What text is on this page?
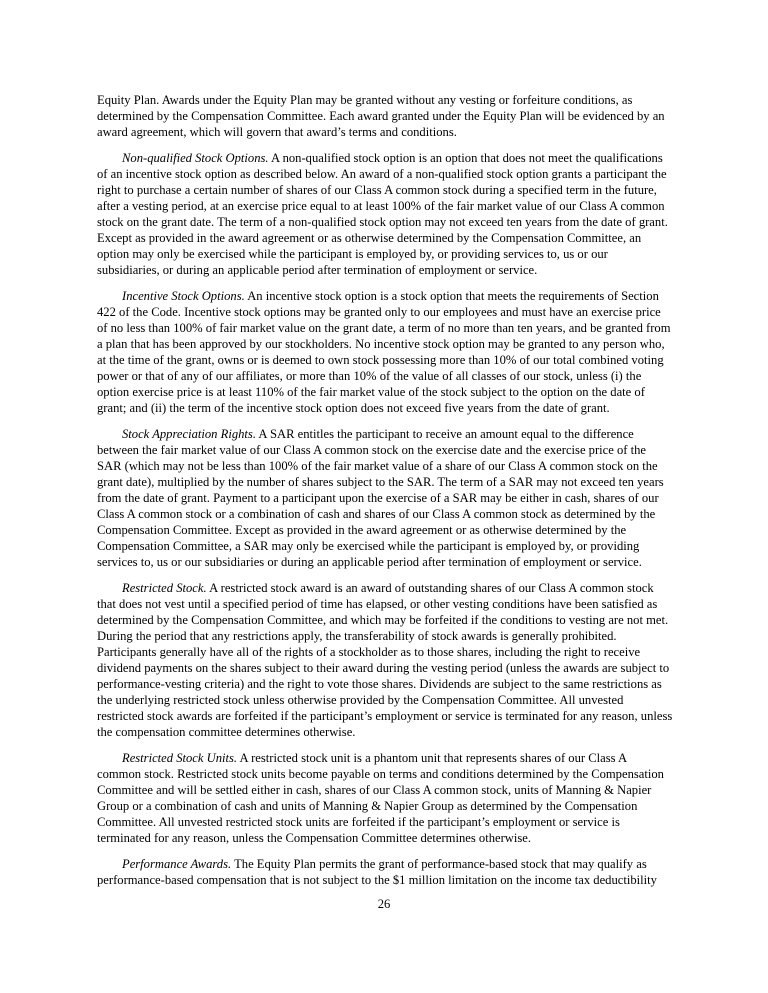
Equity Plan. Awards under the Equity Plan may be granted without any vesting or forfeiture conditions, as determined by the Compensation Committee. Each award granted under the Equity Plan will be evidenced by an award agreement, which will govern that award’s terms and conditions.

Non-qualified Stock Options. A non-qualified stock option is an option that does not meet the qualifications of an incentive stock option as described below. An award of a non-qualified stock option grants a participant the right to purchase a certain number of shares of our Class A common stock during a specified term in the future, after a vesting period, at an exercise price equal to at least 100% of the fair market value of our Class A common stock on the grant date. The term of a non-qualified stock option may not exceed ten years from the date of grant. Except as provided in the award agreement or as otherwise determined by the Compensation Committee, an option may only be exercised while the participant is employed by, or providing services to, us or our subsidiaries, or during an applicable period after termination of employment or service.

Incentive Stock Options. An incentive stock option is a stock option that meets the requirements of Section 422 of the Code. Incentive stock options may be granted only to our employees and must have an exercise price of no less than 100% of fair market value on the grant date, a term of no more than ten years, and be granted from a plan that has been approved by our stockholders. No incentive stock option may be granted to any person who, at the time of the grant, owns or is deemed to own stock possessing more than 10% of our total combined voting power or that of any of our affiliates, or more than 10% of the value of all classes of our stock, unless (i) the option exercise price is at least 110% of the fair market value of the stock subject to the option on the date of grant; and (ii) the term of the incentive stock option does not exceed five years from the date of grant.

Stock Appreciation Rights. A SAR entitles the participant to receive an amount equal to the difference between the fair market value of our Class A common stock on the exercise date and the exercise price of the SAR (which may not be less than 100% of the fair market value of a share of our Class A common stock on the grant date), multiplied by the number of shares subject to the SAR. The term of a SAR may not exceed ten years from the date of grant. Payment to a participant upon the exercise of a SAR may be either in cash, shares of our Class A common stock or a combination of cash and shares of our Class A common stock as determined by the Compensation Committee. Except as provided in the award agreement or as otherwise determined by the Compensation Committee, a SAR may only be exercised while the participant is employed by, or providing services to, us or our subsidiaries or during an applicable period after termination of employment or service.

Restricted Stock. A restricted stock award is an award of outstanding shares of our Class A common stock that does not vest until a specified period of time has elapsed, or other vesting conditions have been satisfied as determined by the Compensation Committee, and which may be forfeited if the conditions to vesting are not met. During the period that any restrictions apply, the transferability of stock awards is generally prohibited. Participants generally have all of the rights of a stockholder as to those shares, including the right to receive dividend payments on the shares subject to their award during the vesting period (unless the awards are subject to performance-vesting criteria) and the right to vote those shares. Dividends are subject to the same restrictions as the underlying restricted stock unless otherwise provided by the Compensation Committee. All unvested restricted stock awards are forfeited if the participant’s employment or service is terminated for any reason, unless the compensation committee determines otherwise.

Restricted Stock Units. A restricted stock unit is a phantom unit that represents shares of our Class A common stock. Restricted stock units become payable on terms and conditions determined by the Compensation Committee and will be settled either in cash, shares of our Class A common stock, units of Manning & Napier Group or a combination of cash and units of Manning & Napier Group as determined by the Compensation Committee. All unvested restricted stock units are forfeited if the participant’s employment or service is terminated for any reason, unless the Compensation Committee determines otherwise.

Performance Awards. The Equity Plan permits the grant of performance-based stock that may qualify as performance-based compensation that is not subject to the $1 million limitation on the income tax deductibility

26
